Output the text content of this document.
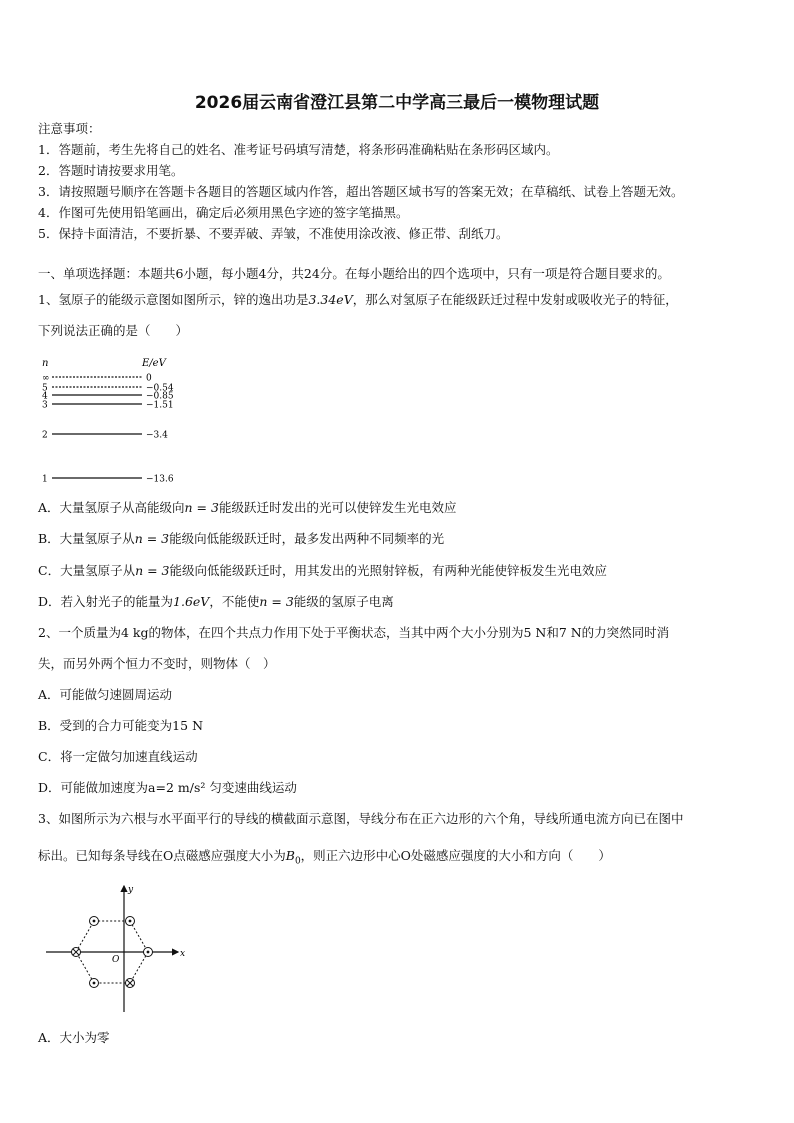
2026届云南省澄江县第二中学高三最后一模物理试题
注意事项：
1．答题前，考生先将自己的姓名、准考证号码填写清楚，将条形码准确粘贴在条形码区域内。
2．答题时请按要求用笔。
3．请按照题号顺序在答题卡各题目的答题区域内作答，超出答题区域书写的答案无效；在草稿纸、试卷上答题无效。
4．作图可先使用铅笔画出，确定后必须用黑色字迹的签字笔描黑。
5．保持卡面清洁，不要折暴、不要弄破、弄皱，不准使用涂改液、修正带、刮纸刀。
一、单项选择题：本题共6小题，每小题4分，共24分。在每小题给出的四个选项中，只有一项是符合题目要求的。
1、氢原子的能级示意图如图所示，锌的逸出功是3.34eV，那么对氢原子在能级跃迁过程中发射或吸收光子的特征，
下列说法正确的是（　　）
n	E/eV
∞	0
5	−0.54
4	−0.85
3	−1.51
2	−3.4
1	−13.6
A．大量氢原子从高能级向n = 3能级跃迁时发出的光可以使锌发生光电效应
B．大量氢原子从n = 3能级向低能级跃迁时，最多发出两种不同频率的光
C．大量氢原子从n = 3能级向低能级跃迁时，用其发出的光照射锌板，有两种光能使锌板发生光电效应
D．若入射光子的能量为1.6eV，不能使n = 3能级的氢原子电离
2、一个质量为4 kg的物体，在四个共点力作用下处于平衡状态，当其中两个大小分别为5 N和7 N的力突然同时消
失，而另外两个恒力不变时，则物体（　）
A．可能做匀速圆周运动
B．受到的合力可能变为15 N
C．将一定做匀加速直线运动
D．可能做加速度为a=2 m/s² 匀变速曲线运动
3、如图所示为六根与水平面平行的导线的横截面示意图，导线分布在正六边形的六个角，导线所通电流方向已在图中
标出。已知每条导线在O点磁感应强度大小为$B_0$，则正六边形中心O处磁感应强度的大小和方向（　　）
x
y
O
A．大小为零
